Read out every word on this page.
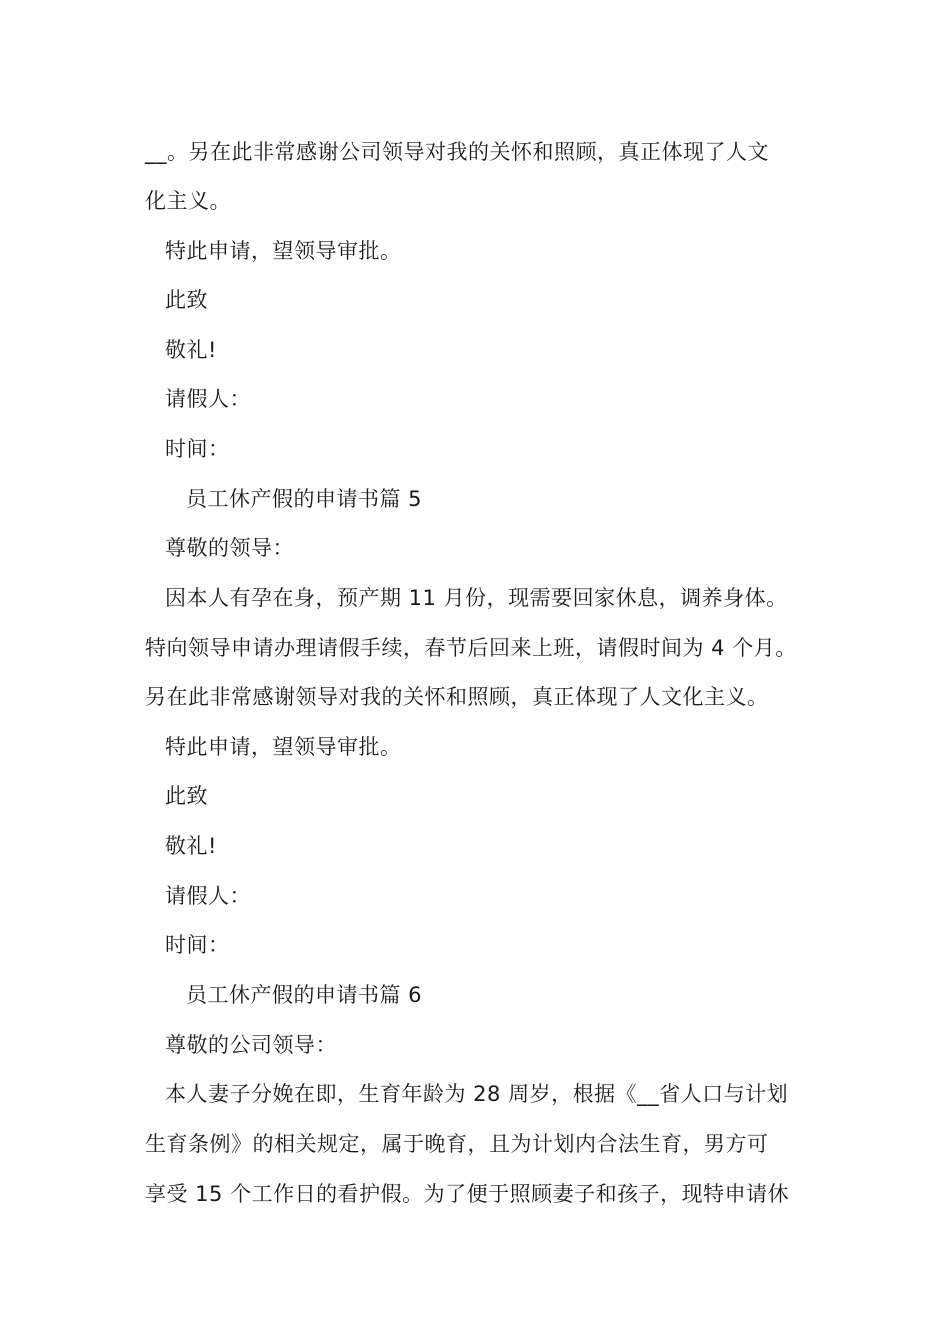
__。另在此非常感谢公司领导对我的关怀和照顾，真正体现了人文
化主义。
特此申请，望领导审批。
此致
敬礼!
请假人：
时间：
员工休产假的申请书篇 5
尊敬的领导：
因本人有孕在身，预产期 11 月份，现需要回家休息，调养身体。
特向领导申请办理请假手续，春节后回来上班，请假时间为 4 个月。
另在此非常感谢领导对我的关怀和照顾，真正体现了人文化主义。
特此申请，望领导审批。
此致
敬礼!
请假人：
时间：
员工休产假的申请书篇 6
尊敬的公司领导：
本人妻子分娩在即，生育年龄为 28 周岁，根据《__省人口与计划
生育条例》的相关规定，属于晚育，且为计划内合法生育，男方可
享受 15 个工作日的看护假。为了便于照顾妻子和孩子，现特申请休
